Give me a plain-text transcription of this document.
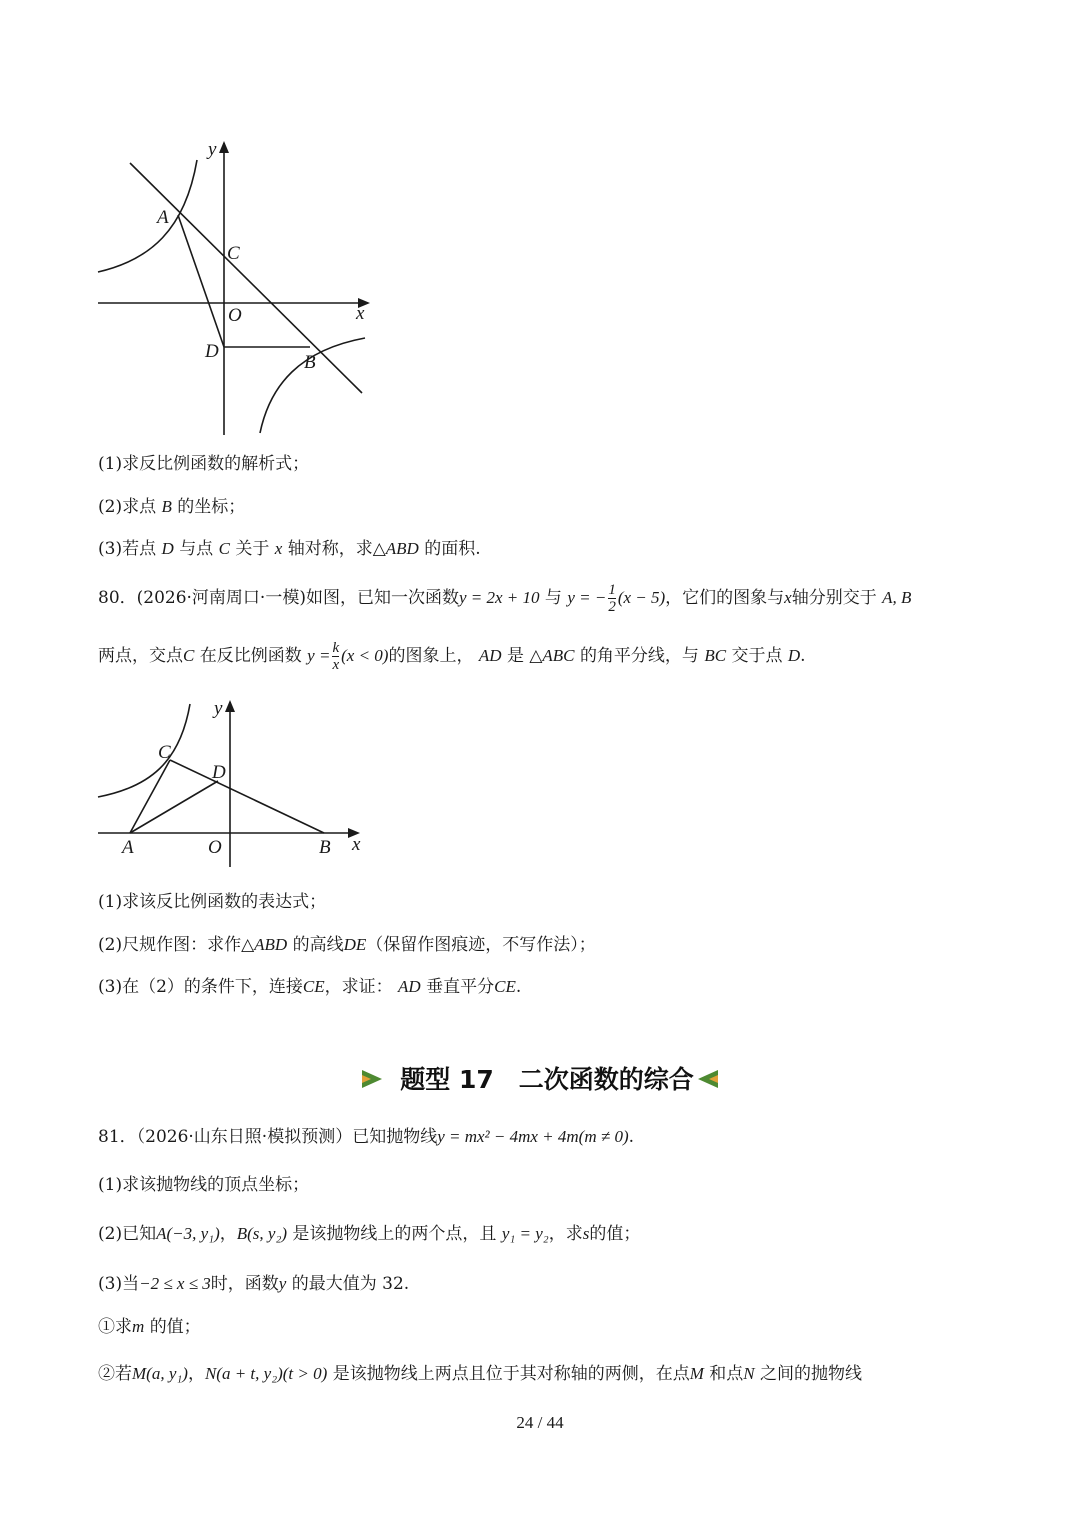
y
x
A
C
O
D
B
(1)求反比例函数的解析式；
(2)求点 B 的坐标；
(3)若点 D 与点 C 关于 x 轴对称，求△ABD 的面积.
80．(2026·河南周口·一模)如图，已知一次函数y = 2x + 10 与 y = − $\frac{1}{2} (x - 5)$，它们的图象与x轴分别交于 A, B
两点，交点C 在反比例函数 $y = \frac{k}{x} (x < 0)$的图象上， AD 是 △ABC 的角平分线，与 BC 交于点 D.
y
x
C
D
A	O	B
(1)求该反比例函数的表达式；
(2)尺规作图：求作△ABD 的高线DE（保留作图痕迹，不写作法）；
(3)在（2）的条件下，连接CE，求证： AD 垂直平分CE.
题型 17　二次函数的综合
81．（2026·山东日照·模拟预测）已知抛物线y = mx² − 4mx + 4m(m ≠ 0).
(1)求该抛物线的顶点坐标；
(2)已知A(−3, y₁)，B(s, y₂) 是该抛物线上的两个点，且 y₁ = y₂，求s的值；
(3)当−2 ≤ x ≤ 3时，函数y 的最大值为 32.
①求m 的值；
②若M(a, y₁)，N(a + t, y₂)(t > 0) 是该抛物线上两点且位于其对称轴的两侧，在点M 和点N 之间的抛物线
24 / 44
